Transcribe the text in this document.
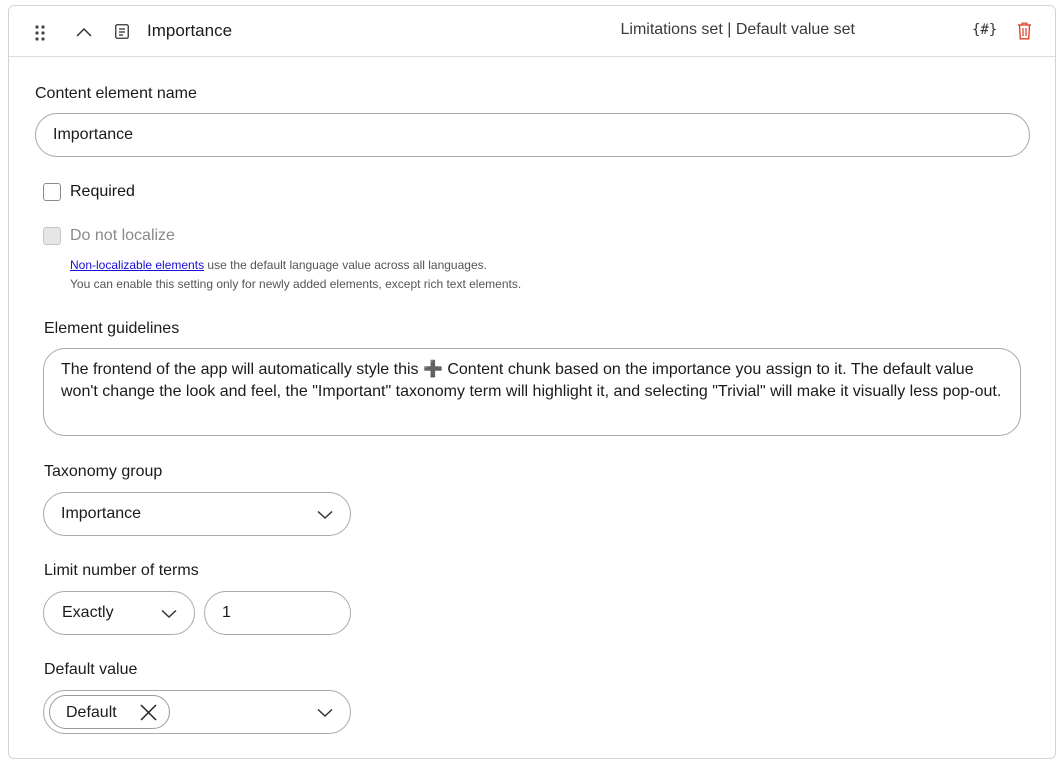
Importance	Limitations set | Default value set	{#}
Content element name
Importance
Required
Do not localize
Non-localizable elements use the default language value across all languages.
You can enable this setting only for newly added elements, except rich text elements.
Element guidelines
The frontend of the app will automatically style this ➕ Content chunk based on the importance you assign to it. The default value won't change the look and feel, the "Important" taxonomy term will highlight it, and selecting "Trivial" will make it visually less pop-out.
Taxonomy group
Importance
Limit number of terms
Exactly	1
Default value
Default
